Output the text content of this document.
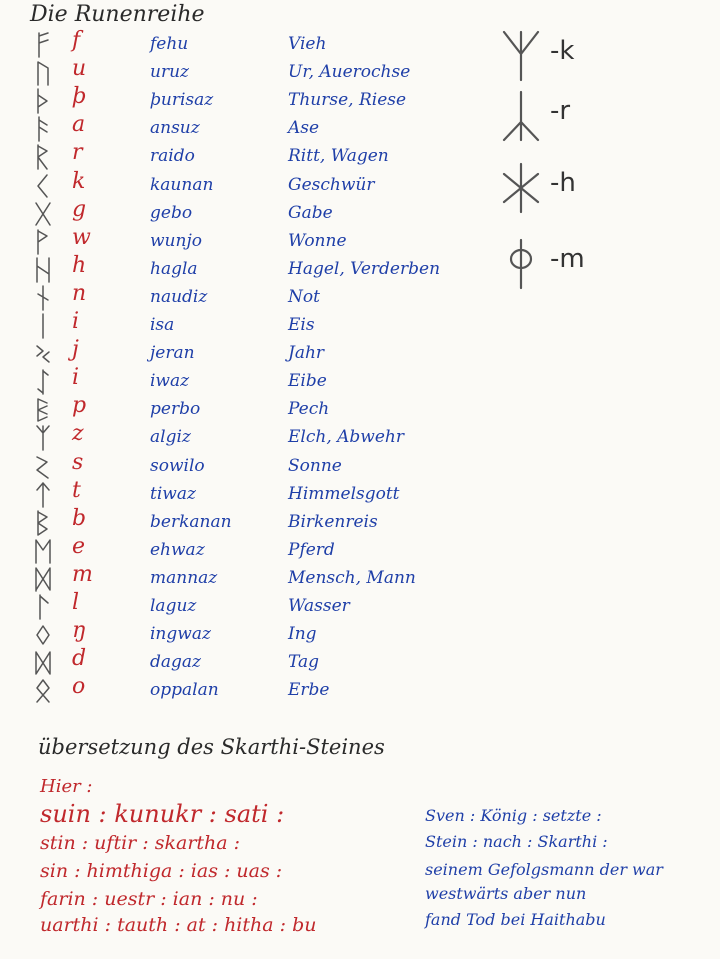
Die Runenreihe
f	fehu	Vieh
u	uruz	Ur, Auerochse
þ	þurisaz	Thurse, Riese
a	ansuz	Ase
r	raido	Ritt, Wagen
k	kaunan	Geschwür
g	gebo	Gabe
w	wunjo	Wonne
h	hagla	Hagel, Verderben
n	naudiz	Not
i	isa	Eis
j	jeran	Jahr
i	iwaz	Eibe
p	perbo	Pech
z	algiz	Elch, Abwehr
s	sowilo	Sonne
t	tiwaz	Himmelsgott
b	berkanan	Birkenreis
e	ehwaz	Pferd
m	mannaz	Mensch, Mann
l	laguz	Wasser
ŋ	ingwaz	Ing
d	dagaz	Tag
o	oppalan	Erbe
-k
-r
-h
-m
übersetzung des Skarthi-Steines
Hier :
suin : kunukr : sati :
stin : uftir : skartha :
sin : himthiga : ias : uas :
farin : uestr : ian : nu :
uarthi : tauth : at : hitha : bu
Sven : König : setzte :
Stein : nach : Skarthi :
seinem Gefolgsmann der war
westwärts aber nun
fand Tod bei Haithabu
